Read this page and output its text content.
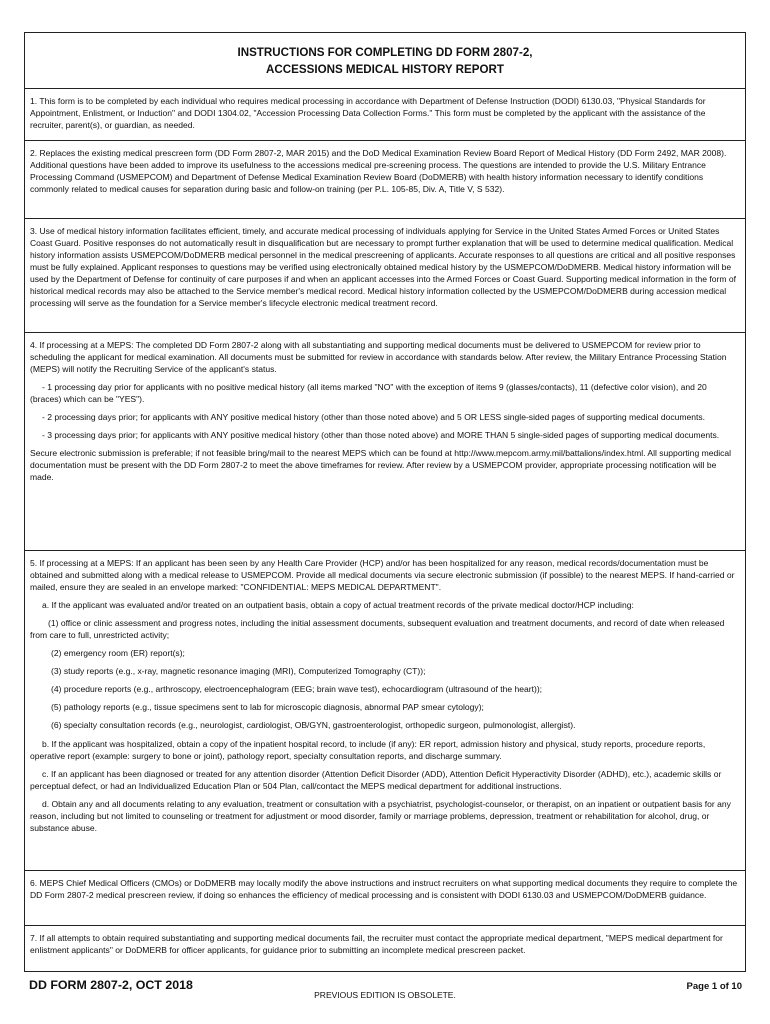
INSTRUCTIONS FOR COMPLETING DD FORM 2807-2,
ACCESSIONS MEDICAL HISTORY REPORT

1. This form is to be completed by each individual who requires medical processing in accordance with Department of Defense Instruction (DODI) 6130.03, "Physical Standards for Appointment, Enlistment, or Induction" and DODI 1304.02, "Accession Processing Data Collection Forms." This form must be completed by the applicant with the assistance of the recruiter, parent(s), or guardian, as needed.

2. Replaces the existing medical prescreen form (DD Form 2807-2, MAR 2015) and the DoD Medical Examination Review Board Report of Medical History (DD Form 2492, MAR 2008). Additional questions have been added to improve its usefulness to the accessions medical pre-screening process. The questions are intended to provide the U.S. Military Entrance Processing Command (USMEPCOM) and Department of Defense Medical Examination Review Board (DoDMERB) with health history information necessary to identify conditions commonly related to medical causes for separation during basic and follow-on training (per P.L. 105-85, Div. A, Title V, S 532).

3. Use of medical history information facilitates efficient, timely, and accurate medical processing of individuals applying for Service in the United States Armed Forces or United States Coast Guard. Positive responses do not automatically result in disqualification but are necessary to prompt further explanation that will be used to determine medical qualification. Medical history information assists USMEPCOM/DoDMERB medical personnel in the medical prescreening of applicants. Accurate responses to all questions are critical and all positive responses must be fully explained. Applicant responses to questions may be verified using electronically obtained medical history by the USMEPCOM/DoDMERB. Medical history information will be used by the Department of Defense for continuity of care purposes if and when an applicant accesses into the Armed Forces or Coast Guard. Supporting medical information in the form of historical medical records may also be attached to the Service member's medical record. Medical history information collected by the USMEPCOM/DoDMERB during accession medical processing will serve as the foundation for a Service member's lifecycle electronic medical treatment record.

4. If processing at a MEPS: The completed DD Form 2807-2 along with all substantiating and supporting medical documents must be delivered to USMEPCOM for review prior to scheduling the applicant for medical examination. All documents must be submitted for review in accordance with standards below. After review, the Military Entrance Processing Station (MEPS) will notify the Recruiting Service of the applicant's status.

- 1 processing day prior for applicants with no positive medical history (all items marked "NO" with the exception of items 9 (glasses/contacts), 11 (defective color vision), and 20 (braces) which can be "YES").

- 2 processing days prior; for applicants with ANY positive medical history (other than those noted above) and 5 OR LESS single-sided pages of supporting medical documents.

- 3 processing days prior; for applicants with ANY positive medical history (other than those noted above) and MORE THAN 5 single-sided pages of supporting medical documents.

Secure electronic submission is preferable; if not feasible bring/mail to the nearest MEPS which can be found at http://www.mepcom.army.mil/battalions/index.html. All supporting medical documentation must be present with the DD Form 2807-2 to meet the above timeframes for review. After review by a USMEPCOM provider, appropriate processing notification will be made.

5. If processing at a MEPS: If an applicant has been seen by any Health Care Provider (HCP) and/or has been hospitalized for any reason, medical records/documentation must be obtained and submitted along with a medical release to USMEPCOM. Provide all medical documents via secure electronic submission (if possible) to the nearest MEPS. If hand-carried or mailed, ensure they are sealed in an envelope marked: "CONFIDENTIAL: MEPS MEDICAL DEPARTMENT".

a. If the applicant was evaluated and/or treated on an outpatient basis, obtain a copy of actual treatment records of the private medical doctor/HCP including:

(1) office or clinic assessment and progress notes, including the initial assessment documents, subsequent evaluation and treatment documents, and record of date when released from care to full, unrestricted activity;

(2) emergency room (ER) report(s);

(3) study reports (e.g., x-ray, magnetic resonance imaging (MRI), Computerized Tomography (CT));

(4) procedure reports (e.g., arthroscopy, electroencephalogram (EEG; brain wave test), echocardiogram (ultrasound of the heart));

(5) pathology reports (e.g., tissue specimens sent to lab for microscopic diagnosis, abnormal PAP smear cytology);

(6) specialty consultation records (e.g., neurologist, cardiologist, OB/GYN, gastroenterologist, orthopedic surgeon, pulmonologist, allergist).

b. If the applicant was hospitalized, obtain a copy of the inpatient hospital record, to include (if any): ER report, admission history and physical, study reports, procedure reports, operative report (example: surgery to bone or joint), pathology report, specialty consultation reports, and discharge summary.

c. If an applicant has been diagnosed or treated for any attention disorder (Attention Deficit Disorder (ADD), Attention Deficit Hyperactivity Disorder (ADHD), etc.), academic skills or perceptual defect, or had an Individualized Education Plan or 504 Plan, call/contact the MEPS medical department for additional instructions.

d. Obtain any and all documents relating to any evaluation, treatment or consultation with a psychiatrist, psychologist-counselor, or therapist, on an inpatient or outpatient basis for any reason, including but not limited to counseling or treatment for adjustment or mood disorder, family or marriage problems, depression, treatment or rehabilitation for alcohol, drug, or substance abuse.

6. MEPS Chief Medical Officers (CMOs) or DoDMERB may locally modify the above instructions and instruct recruiters on what supporting medical documents they require to complete the DD Form 2807-2 medical prescreen review, if doing so enhances the efficiency of medical processing and is consistent with DODI 6130.03 and USMEPCOM/DoDMERB guidance.

7. If all attempts to obtain required substantiating and supporting medical documents fail, the recruiter must contact the appropriate medical department, "MEPS medical department for enlistment applicants" or DoDMERB for officer applicants, for guidance prior to submitting an incomplete medical prescreen packet.

DD FORM 2807-2, OCT 2018
PREVIOUS EDITION IS OBSOLETE.
Page 1 of 10
